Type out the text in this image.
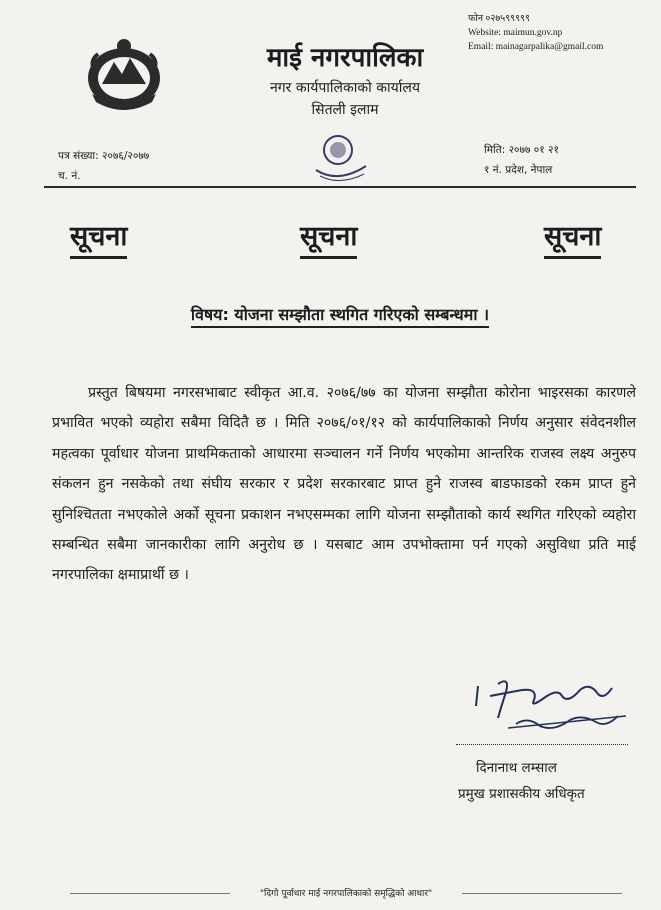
माई नगरपालिका
नगर कार्यपालिकाको कार्यालय
सितली इलाम
फोन ०२७५९९९९९
Website: maimun.gov.np
Email: mainagarpalika@gmail.com
पत्र संख्या: २०७६/२०७७
च. नं.
मिति: २०७७ ०१ २१
१ नं. प्रदेश, नेपाल
सूचना	सूचना	सूचना
विषय: योजना सम्झौता स्थगित गरिएको सम्बन्धमा ।

प्रस्तुत बिषयमा नगरसभाबाट स्वीकृत आ.व. २०७६/७७ का योजना सम्झौता कोरोना भाइरसका कारणले प्रभावित भएको व्यहोरा सबैमा विदितै छ । मिति २०७६/०१/१२ को कार्यपालिकाको निर्णय अनुसार संवेदनशील महत्वका पूर्वाधार योजना प्राथमिकताको आधारमा सञ्चालन गर्ने निर्णय भएकोमा आन्तरिक राजस्व लक्ष्य अनुरुप संकलन हुन नसकेको तथा संघीय सरकार र प्रदेश सरकारबाट प्राप्त हुने राजस्व बाडफाडको रकम प्राप्त हुने सुनिश्चितता नभएकोले अर्को सूचना प्रकाशन नभएसम्मका लागि योजना सम्झौताको कार्य स्थगित गरिएको व्यहोरा सम्बन्धित सबैमा जानकारीका लागि अनुरोध छ । यसबाट आम उपभोक्तामा पर्न गएको असुविधा प्रति माई नगरपालिका क्षमाप्रार्थी छ ।

दिनानाथ लम्साल
प्रमुख प्रशासकीय अधिकृत
"दिगो पूर्वाधार माई नगरपालिकाको समृद्धिको आधार"
